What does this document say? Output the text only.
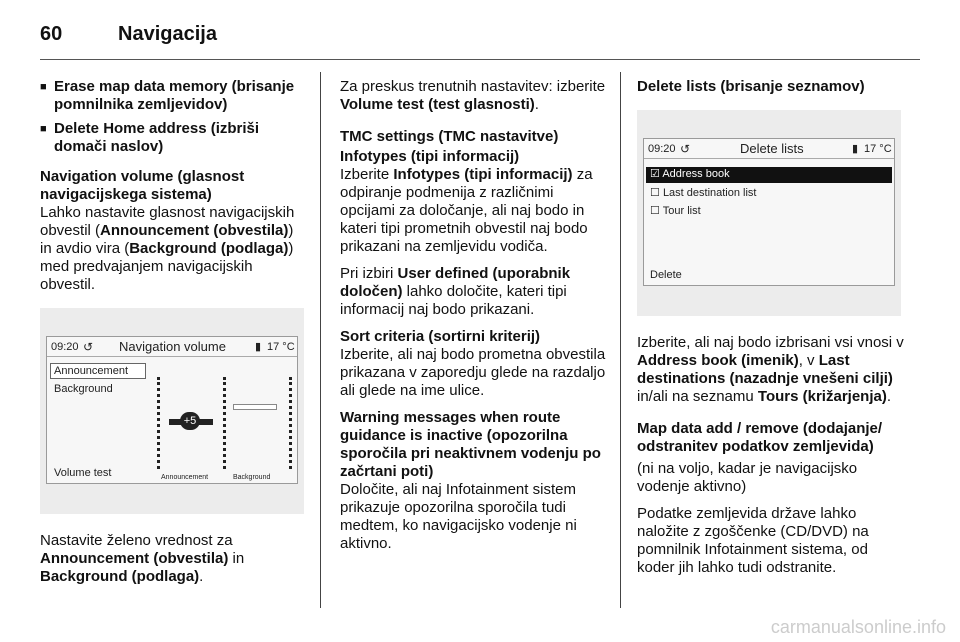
60	Navigacija
■ Erase map data memory (brisanje pomnilnika zemljevidov)
■ Delete Home address (izbriši domači naslov)
Navigation volume (glasnost navigacijskega sistema)

Lahko nastavite glasnost navigacijskih obvestil (Announcement (obvestila)) in avdio vira (Background (podlaga)) med predvajanjem navigacijskih obvestil.

09:20 ↺ Navigation volume	▮ 17 °C
Announcement
Background
Volume test
+5
Announcement	Background

Nastavite želeno vrednost za Announcement (obvestila) in Background (podlaga).

Za preskus trenutnih nastavitev: izberite Volume test (test glasnosti).

TMC settings (TMC nastavitve)
Infotypes (tipi informacij)

Izberite Infotypes (tipi informacij) za odpiranje podmenija z različnimi opcijami za določanje, ali naj bodo in kateri tipi prometnih obvestil naj bodo prikazani na zemljevidu vodiča.

Pri izbiri User defined (uporabnik določen) lahko določite, kateri tipi informacij naj bodo prikazani.

Sort criteria (sortirni kriterij)

Izberite, ali naj bodo prometna obvestila prikazana v zaporedju glede na razdaljo ali glede na ime ulice.

Warning messages when route guidance is inactive (opozorilna sporočila pri neaktivnem vodenju po začrtani poti)

Določite, ali naj Infotainment sistem prikazuje opozorilna sporočila tudi medtem, ko navigacijsko vodenje ni aktivno.

Delete lists (brisanje seznamov)
09:20 ↺	Delete lists	▮ 17 °C
☑ Address book
☐ Last destination list
☐ Tour list
Delete

Izberite, ali naj bodo izbrisani vsi vnosi v Address book (imenik), v Last destinations (nazadnje vnešeni cilji) in/ali na seznamu Tours (križarjenja).

Map data add / remove (dodajanje/ odstranitev podatkov zemljevida)

(ni na voljo, kadar je navigacijsko vodenje aktivno)

Podatke zemljevida države lahko naložite z zgoščenke (CD/DVD) na pomnilnik Infotainment sistema, od koder jih lahko tudi odstranite.

carmanualsonline.info
